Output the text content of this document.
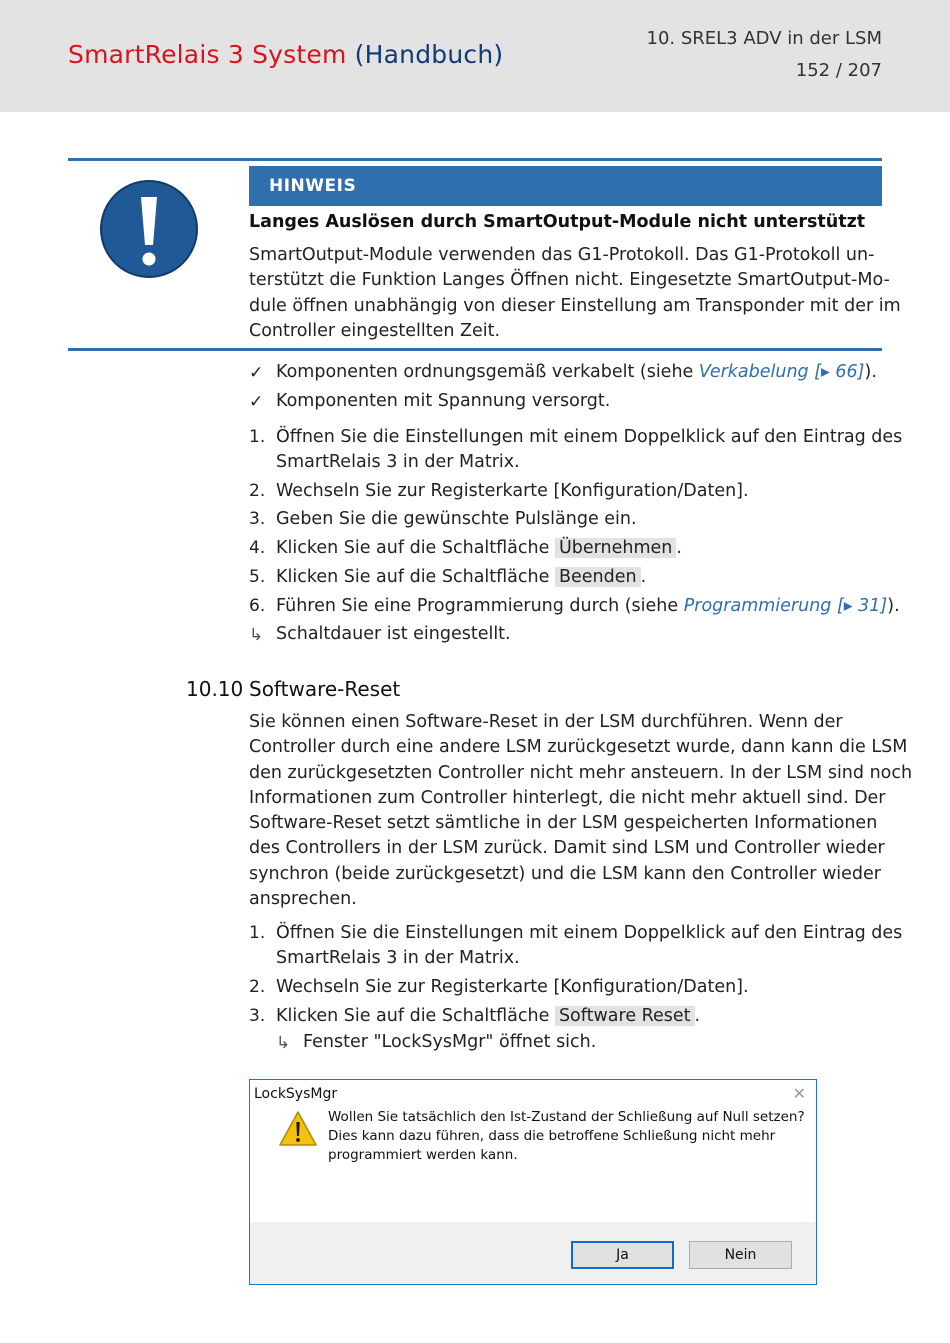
SmartRelais 3 System (Handbuch)
10. SREL3 ADV in der LSM
152 / 207
HINWEIS
Langes Auslösen durch SmartOutput-Module nicht unterstützt
SmartOutput-Module verwenden das G1-Protokoll. Das G1-Protokoll un-
terstützt die Funktion Langes Öffnen nicht. Eingesetzte SmartOutput-Mo-
dule öffnen unabhängig von dieser Einstellung am Transponder mit der im
Controller eingestellten Zeit.
✓ Komponenten ordnungsgemäß verkabelt (siehe Verkabelung [▸ 66]).
✓ Komponenten mit Spannung versorgt.
1. Öffnen Sie die Einstellungen mit einem Doppelklick auf den Eintrag des
SmartRelais 3 in der Matrix.
2. Wechseln Sie zur Registerkarte [Konfiguration/Daten].
3. Geben Sie die gewünschte Pulslänge ein.
4. Klicken Sie auf die Schaltfläche Übernehmen .
5. Klicken Sie auf die Schaltfläche Beenden .
6. Führen Sie eine Programmierung durch (siehe Programmierung [▸ 31]).
↳ Schaltdauer ist eingestellt.
10.10 Software-Reset
Sie können einen Software-Reset in der LSM durchführen. Wenn der
Controller durch eine andere LSM zurückgesetzt wurde, dann kann die LSM
den zurückgesetzten Controller nicht mehr ansteuern. In der LSM sind noch
Informationen zum Controller hinterlegt, die nicht mehr aktuell sind. Der
Software-Reset setzt sämtliche in der LSM gespeicherten Informationen
des Controllers in der LSM zurück. Damit sind LSM und Controller wieder
synchron (beide zurückgesetzt) und die LSM kann den Controller wieder
ansprechen.
1. Öffnen Sie die Einstellungen mit einem Doppelklick auf den Eintrag des
SmartRelais 3 in der Matrix.
2. Wechseln Sie zur Registerkarte [Konfiguration/Daten].
3. Klicken Sie auf die Schaltfläche Software Reset .
↳ Fenster "LockSysMgr" öffnet sich.
LockSysMgr	✕
Wollen Sie tatsächlich den Ist-Zustand der Schließung auf Null setzen?
Dies kann dazu führen, dass die betroffene Schließung nicht mehr
programmiert werden kann.
Ja	Nein
